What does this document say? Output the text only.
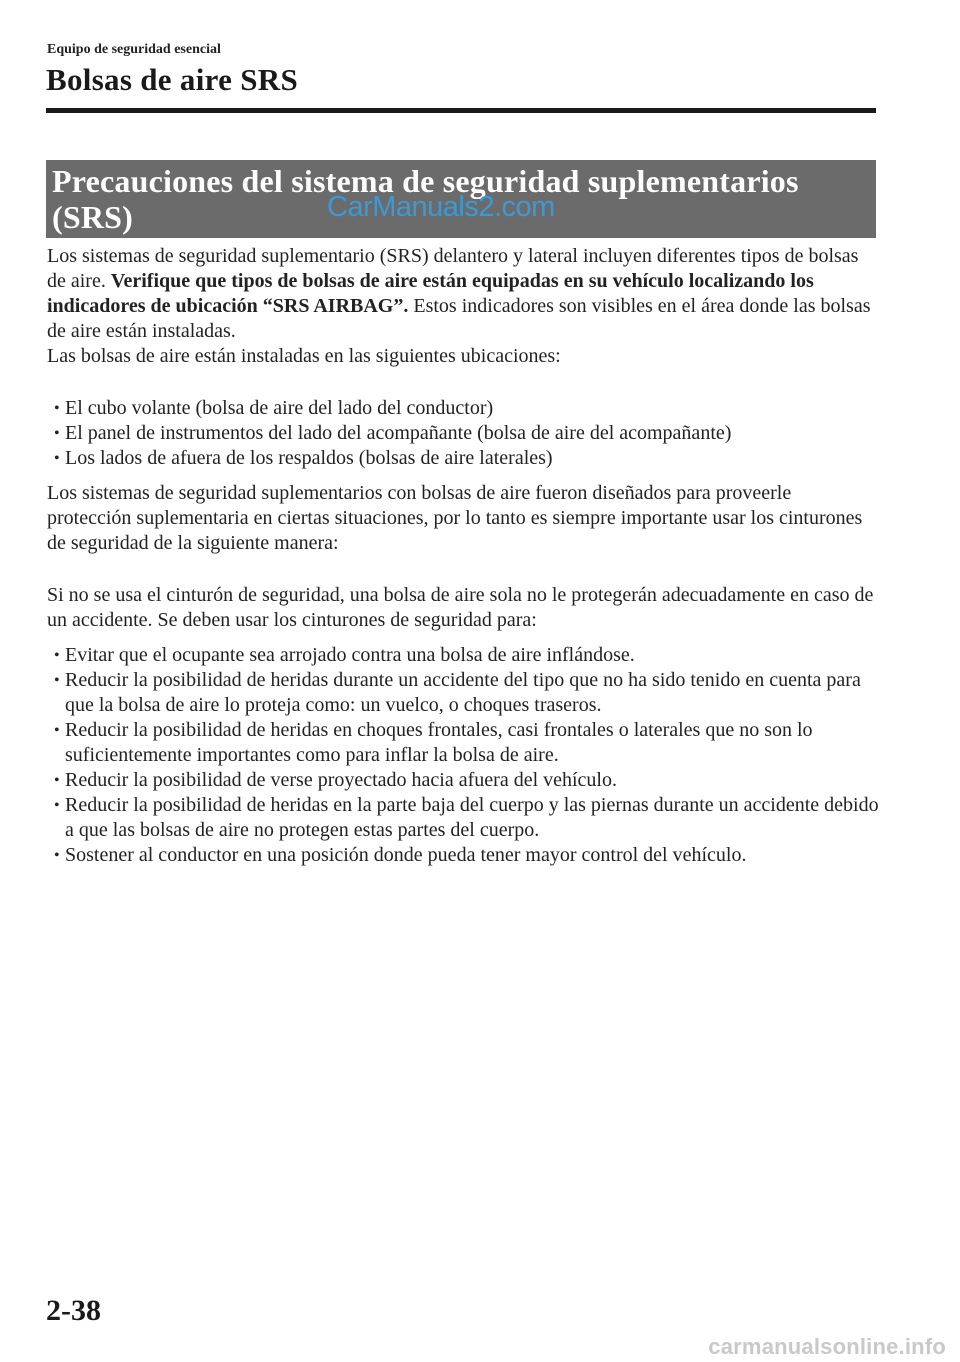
Equipo de seguridad esencial
Bolsas de aire SRS
Precauciones del sistema de seguridad suplementarios (SRS)	CarManuals2.com

Los sistemas de seguridad suplementario (SRS) delantero y lateral incluyen diferentes tipos de bolsas de aire. Verifique que tipos de bolsas de aire están equipadas en su vehículo localizando los indicadores de ubicación “SRS AIRBAG”. Estos indicadores son visibles en el área donde las bolsas de aire están instaladas.

Las bolsas de aire están instaladas en las siguientes ubicaciones:

• El cubo volante (bolsa de aire del lado del conductor)
• El panel de instrumentos del lado del acompañante (bolsa de aire del acompañante)
• Los lados de afuera de los respaldos (bolsas de aire laterales)

Los sistemas de seguridad suplementarios con bolsas de aire fueron diseñados para proveerle protección suplementaria en ciertas situaciones, por lo tanto es siempre importante usar los cinturones de seguridad de la siguiente manera:

Si no se usa el cinturón de seguridad, una bolsa de aire sola no le protegerán adecuadamente en caso de un accidente. Se deben usar los cinturones de seguridad para:

• Evitar que el ocupante sea arrojado contra una bolsa de aire inflándose.
• Reducir la posibilidad de heridas durante un accidente del tipo que no ha sido tenido en cuenta para que la bolsa de aire lo proteja como: un vuelco, o choques traseros.
• Reducir la posibilidad de heridas en choques frontales, casi frontales o laterales que no son lo suficientemente importantes como para inflar la bolsa de aire.
• Reducir la posibilidad de verse proyectado hacia afuera del vehículo.
• Reducir la posibilidad de heridas en la parte baja del cuerpo y las piernas durante un accidente debido a que las bolsas de aire no protegen estas partes del cuerpo.
• Sostener al conductor en una posición donde pueda tener mayor control del vehículo.
2-38
carmanualsonline.info
